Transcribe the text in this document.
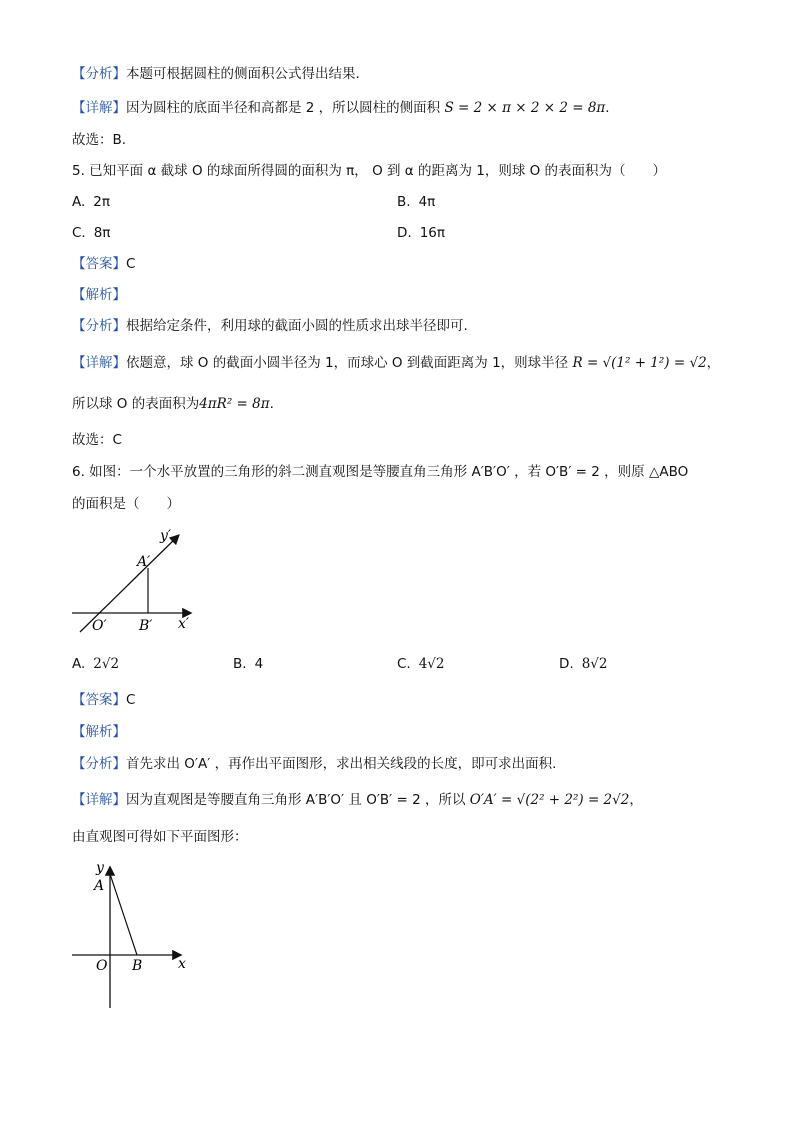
【分析】本题可根据圆柱的侧面积公式得出结果.
【详解】因为圆柱的底面半径和高都是 2 ，所以圆柱的侧面积 S = 2 × π × 2 × 2 = 8π.
故选：B.
5. 已知平面 α 截球 O 的球面所得圆的面积为 π， O 到 α 的距离为 1，则球 O 的表面积为（　　）
A. 2π	B. 4π
C. 8π	D. 16π
【答案】C
【解析】
【分析】根据给定条件，利用球的截面小圆的性质求出球半径即可.
【详解】依题意，球 O 的截面小圆半径为 1，而球心 O 到截面距离为 1，则球半径 R = √(1² + 1²) = √2，
所以球 O 的表面积为4πR² = 8π.
故选：C
6. 如图：一个水平放置的三角形的斜二测直观图是等腰直角三角形 A′B′O′ ，若 O′B′ = 2 ，则原 △ABO
的面积是（　　）
y′
A′
O′ B′ x′
A. 2√2	B. 4	C. 4√2	D. 8√2
【答案】C
【解析】
【分析】首先求出 O′A′ ，再作出平面图形，求出相关线段的长度，即可求出面积.
【详解】因为直观图是等腰直角三角形 A′B′O′ 且 O′B′ = 2 ，所以 O′A′ = √(2² + 2²) = 2√2，
由直观图可得如下平面图形：
y
A
O B	x
